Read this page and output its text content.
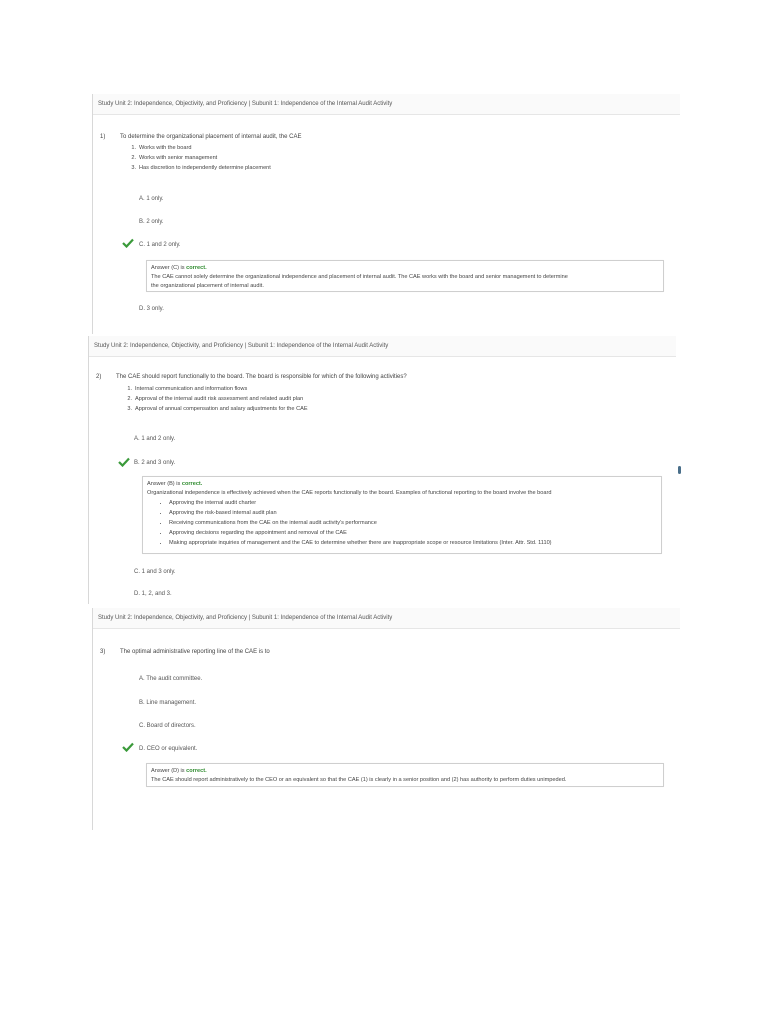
Study Unit 2: Independence, Objectivity, and Proficiency | Subunit 1: Independence of the Internal Audit Activity
1) To determine the organizational placement of internal audit, the CAE
1. Works with the board
2. Works with senior management
3. Has discretion to independently determine placement
A. 1 only.
B. 2 only.
C. 1 and 2 only.
Answer (C) is correct.
The CAE cannot solely determine the organizational independence and placement of internal audit. The CAE works with the board and senior management to determine
the organizational placement of internal audit.
D. 3 only.
Study Unit 2: Independence, Objectivity, and Proficiency | Subunit 1: Independence of the Internal Audit Activity
2) The CAE should report functionally to the board. The board is responsible for which of the following activities?
1. Internal communication and information flows
2. Approval of the internal audit risk assessment and related audit plan
3. Approval of annual compensation and salary adjustments for the CAE
A. 1 and 2 only.
B. 2 and 3 only.
Answer (B) is correct.
Organizational independence is effectively achieved when the CAE reports functionally to the board. Examples of functional reporting to the board involve the board
• Approving the internal audit charter
• Approving the risk-based internal audit plan
• Receiving communications from the CAE on the internal audit activity's performance
• Approving decisions regarding the appointment and removal of the CAE
• Making appropriate inquiries of management and the CAE to determine whether there are inappropriate scope or resource limitations (Inter. Attr. Std. 1110)
C. 1 and 3 only.
D. 1, 2, and 3.
Study Unit 2: Independence, Objectivity, and Proficiency | Subunit 1: Independence of the Internal Audit Activity
3) The optimal administrative reporting line of the CAE is to
A. The audit committee.
B. Line management.
C. Board of directors.
D. CEO or equivalent.
Answer (D) is correct.
The CAE should report administratively to the CEO or an equivalent so that the CAE (1) is clearly in a senior position and (2) has authority to perform duties unimpeded.
